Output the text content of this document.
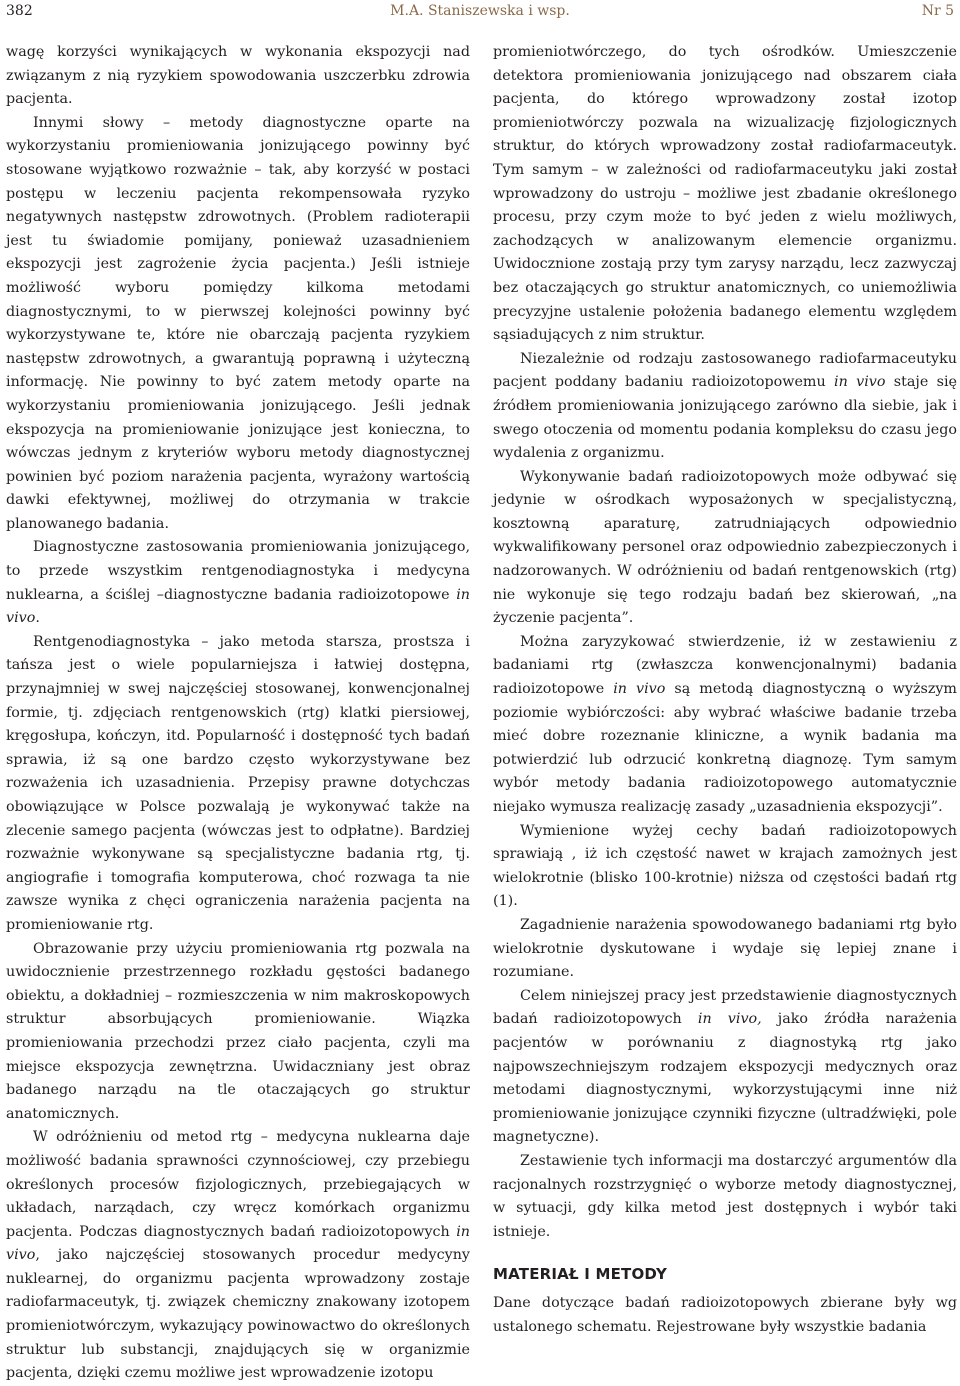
382	M.A. Staniszewska i wsp.	Nr 5

wagę korzyści wynikających w wykonania ekspozycji nad związanym z nią ryzykiem spowodowania uszczerbku zdrowia pacjenta.

Innymi słowy – metody diagnostyczne oparte na wykorzystaniu promieniowania jonizującego powinny być stosowane wyjątkowo rozważnie – tak, aby korzyść w postaci postępu w leczeniu pacjenta rekompensowała ryzyko negatywnych następstw zdrowotnych. (Problem radioterapii jest tu świadomie pomijany, ponieważ uzasadnieniem ekspozycji jest zagrożenie życia pacjenta.) Jeśli istnieje możliwość wyboru pomiędzy kilkoma metodami diagnostycznymi, to w pierwszej kolejności powinny być wykorzystywane te, które nie obarczają pacjenta ryzykiem następstw zdrowotnych, a gwarantują poprawną i użyteczną informację. Nie powinny to być zatem metody oparte na wykorzystaniu promieniowania jonizującego. Jeśli jednak ekspozycja na promieniowanie jonizujące jest konieczna, to wówczas jednym z kryteriów wyboru metody diagnostycznej powinien być poziom narażenia pacjenta, wyrażony wartością dawki efektywnej, możliwej do otrzymania w trakcie planowanego badania.

Diagnostyczne zastosowania promieniowania jonizującego, to przede wszystkim rentgenodiagnostyka i medycyna nuklearna, a ściślej –diagnostyczne badania radioizotopowe in vivo.

Rentgenodiagnostyka – jako metoda starsza, prostsza i tańsza jest o wiele popularniejsza i łatwiej dostępna, przynajmniej w swej najczęściej stosowanej, konwencjonalnej formie, tj. zdjęciach rentgenowskich (rtg) klatki piersiowej, kręgosłupa, kończyn, itd. Popularność i dostępność tych badań sprawia, iż są one bardzo często wykorzystywane bez rozważenia ich uzasadnienia. Przepisy prawne dotychczas obowiązujące w Polsce pozwalają je wykonywać także na zlecenie samego pacjenta (wówczas jest to odpłatne). Bardziej rozważnie wykonywane są specjalistyczne badania rtg, tj. angiografie i tomografia komputerowa, choć rozwaga ta nie zawsze wynika z chęci ograniczenia narażenia pacjenta na promieniowanie rtg.

Obrazowanie przy użyciu promieniowania rtg pozwala na uwidocznienie przestrzennego rozkładu gęstości badanego obiektu, a dokładniej – rozmieszczenia w nim makroskopowych struktur absorbujących promieniowanie. Wiązka promieniowania przechodzi przez ciało pacjenta, czyli ma miejsce ekspozycja zewnętrzna. Uwidaczniany jest obraz badanego narządu na tle otaczających go struktur anatomicznych.

W odróżnieniu od metod rtg – medycyna nuklearna daje możliwość badania sprawności czynnościowej, czy przebiegu określonych procesów fizjologicznych, przebiegających w układach, narządach, czy wręcz komórkach organizmu pacjenta. Podczas diagnostycznych badań radioizotopowych in vivo, jako najczęściej stosowanych procedur medycyny nuklearnej, do organizmu pacjenta wprowadzony zostaje radiofarmaceutyk, tj. związek chemiczny znakowany izotopem promieniotwórczym, wykazujący powinowactwo do określonych struktur lub substancji, znajdujących się w organizmie pacjenta, dzięki czemu możliwe jest wprowadzenie izotopu

promieniotwórczego, do tych ośrodków. Umieszczenie detektora promieniowania jonizującego nad obszarem ciała pacjenta, do którego wprowadzony został izotop promieniotwórczy pozwala na wizualizację fizjologicznych struktur, do których wprowadzony został radiofarmaceutyk. Tym samym – w zależności od radiofarmaceutyku jaki został wprowadzony do ustroju – możliwe jest zbadanie określonego procesu, przy czym może to być jeden z wielu możliwych, zachodzących w analizowanym elemencie organizmu. Uwidocznione zostają przy tym zarysy narządu, lecz zazwyczaj bez otaczających go struktur anatomicznych, co uniemożliwia precyzyjne ustalenie położenia badanego elementu względem sąsiadujących z nim struktur.

Niezależnie od rodzaju zastosowanego radiofarmaceutyku pacjent poddany badaniu radioizotopowemu in vivo staje się źródłem promieniowania jonizującego zarówno dla siebie, jak i swego otoczenia od momentu podania kompleksu do czasu jego wydalenia z organizmu.

Wykonywanie badań radioizotopowych może odbywać się jedynie w ośrodkach wyposażonych w specjalistyczną, kosztowną aparaturę, zatrudniających odpowiednio wykwalifikowany personel oraz odpowiednio zabezpieczonych i nadzorowanych. W odróżnieniu od badań rentgenowskich (rtg) nie wykonuje się tego rodzaju badań bez skierowań, „na życzenie pacjenta”.

Można zaryzykować stwierdzenie, iż w zestawieniu z badaniami rtg (zwłaszcza konwencjonalnymi) badania radioizotopowe in vivo są metodą diagnostyczną o wyższym poziomie wybiórczości: aby wybrać właściwe badanie trzeba mieć dobre rozeznanie kliniczne, a wynik badania ma potwierdzić lub odrzucić konkretną diagnozę. Tym samym wybór metody badania radioizotopowego automatycznie niejako wymusza realizację zasady „uzasadnienia ekspozycji”.

Wymienione wyżej cechy badań radioizotopowych sprawiają , iż ich częstość nawet w krajach zamożnych jest wielokrotnie (blisko 100-krotnie) niższa od częstości badań rtg (1).

Zagadnienie narażenia spowodowanego badaniami rtg było wielokrotnie dyskutowane i wydaje się lepiej znane i rozumiane.

Celem niniejszej pracy jest przedstawienie diagnostycznych badań radioizotopowych in vivo, jako źródła narażenia pacjentów w porównaniu z diagnostyką rtg jako najpowszechniejszym rodzajem ekspozycji medycznych oraz metodami diagnostycznymi, wykorzystującymi inne niż promieniowanie jonizujące czynniki fizyczne (ultradźwięki, pole magnetyczne).

Zestawienie tych informacji ma dostarczyć argumentów dla racjonalnych rozstrzygnięć o wyborze metody diagnostycznej, w sytuacji, gdy kilka metod jest dostępnych i wybór taki istnieje.

MATERIAŁ I METODY

Dane dotyczące badań radioizotopowych zbierane były wg ustalonego schematu. Rejestrowane były wszystkie badania
